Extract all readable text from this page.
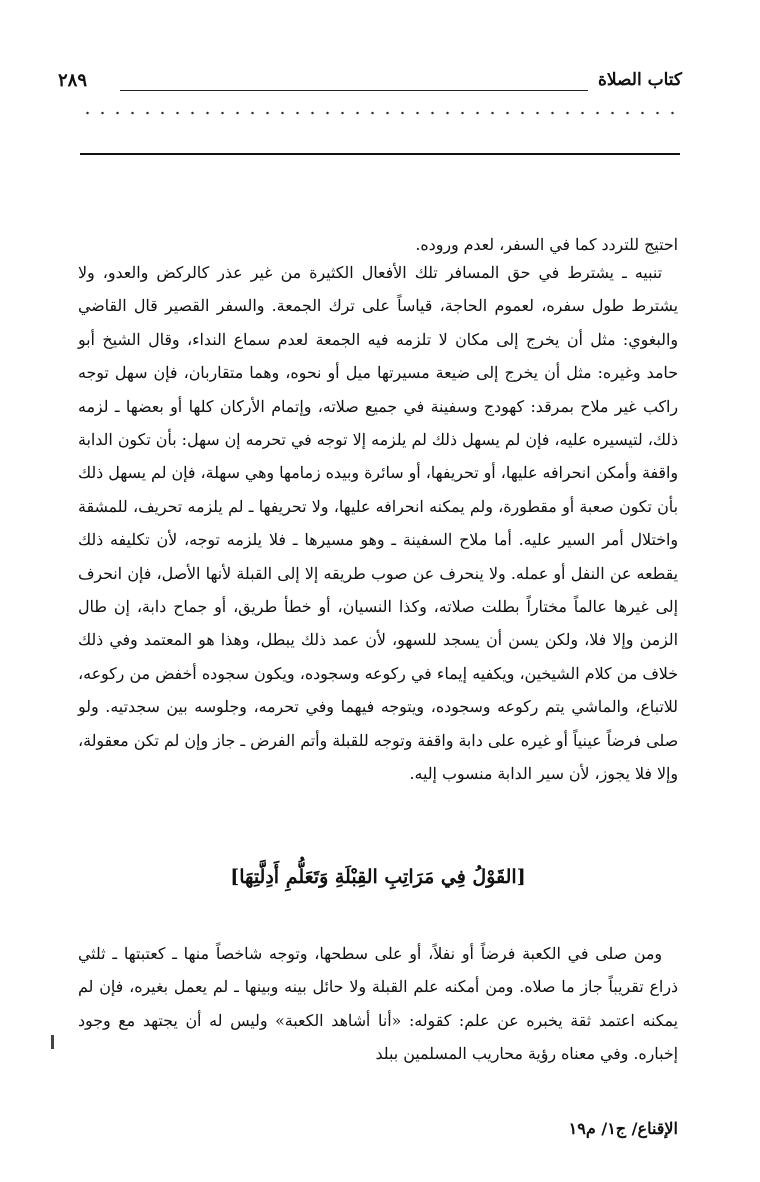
كتاب الصلاة
٢٨٩

احتيج للتردد كما في السفر، لعدم وروده.

تنبيه ـ يشترط في حق المسافر تلك الأفعال الكثيرة من غير عذر كالركض والعدو، ولا يشترط طول سفره، لعموم الحاجة، قياساً على ترك الجمعة. والسفر القصير قال القاضي والبغوي: مثل أن يخرج إلى مكان لا تلزمه فيه الجمعة لعدم سماع النداء، وقال الشيخ أبو حامد وغيره: مثل أن يخرج إلى ضيعة مسيرتها ميل أو نحوه، وهما متقاربان، فإن سهل توجه راكب غير ملاح بمرقد: كهودج وسفينة في جميع صلاته، وإتمام الأركان كلها أو بعضها ـ لزمه ذلك، لتيسيره عليه، فإن لم يسهل ذلك لم يلزمه إلا توجه في تحرمه إن سهل: بأن تكون الدابة واقفة وأمكن انحرافه عليها، أو تحريفها، أو سائرة وبيده زمامها وهي سهلة، فإن لم يسهل ذلك بأن تكون صعبة أو مقطورة، ولم يمكنه انحرافه عليها، ولا تحريفها ـ لم يلزمه تحريف، للمشقة واختلال أمر السير عليه. أما ملاح السفينة ـ وهو مسيرها ـ فلا يلزمه توجه، لأن تكليفه ذلك يقطعه عن النفل أو عمله. ولا ينحرف عن صوب طريقه إلا إلى القبلة لأنها الأصل، فإن انحرف إلى غيرها عالماً مختاراً بطلت صلاته، وكذا النسيان، أو خطأ طريق، أو جماح دابة، إن طال الزمن وإلا فلا، ولكن يسن أن يسجد للسهو، لأن عمد ذلك يبطل، وهذا هو المعتمد وفي ذلك خلاف من كلام الشيخين، ويكفيه إيماء في ركوعه وسجوده، ويكون سجوده أخفض من ركوعه، للاتباع، والماشي يتم ركوعه وسجوده، ويتوجه فيهما وفي تحرمه، وجلوسه بين سجدتيه. ولو صلى فرضاً عينياً أو غيره على دابة واقفة وتوجه للقبلة وأتم الفرض ـ جاز وإن لم تكن معقولة، وإلا فلا يجوز، لأن سير الدابة منسوب إليه.

[القَوْلُ فِي مَرَاتِبِ القِبْلَةِ وَتَعَلُّمِ أَدِلَّتِهَا]

ومن صلى في الكعبة فرضاً أو نفلاً، أو على سطحها، وتوجه شاخصاً منها ـ كعتبتها ـ ثلثي ذراع تقريباً جاز ما صلاه. ومن أمكنه علم القبلة ولا حائل بينه وبينها ـ لم يعمل بغيره، فإن لم يمكنه اعتمد ثقة يخبره عن علم: كقوله: «أنا أشاهد الكعبة» وليس له أن يجتهد مع وجود إخباره. وفي معناه رؤية محاريب المسلمين ببلد

الإقناع/ ج١/ م١٩
